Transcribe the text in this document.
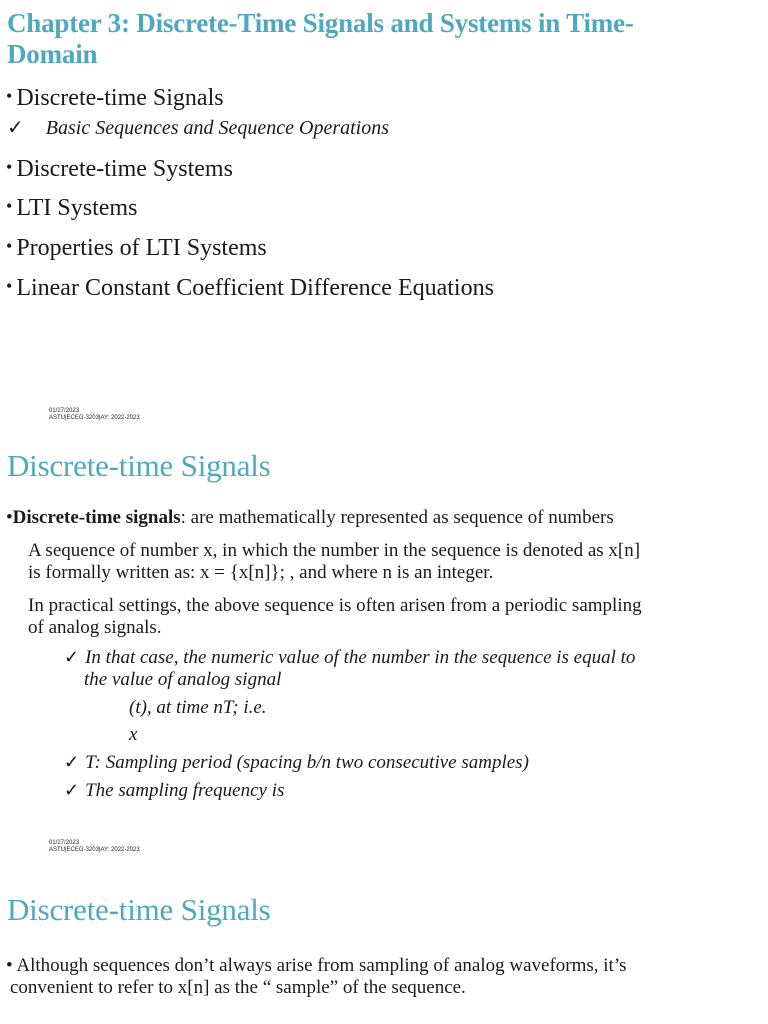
Chapter 3: Discrete-Time Signals and Systems in Time-
Domain
• Discrete-time Signals
✓ Basic Sequences and Sequence Operations
• Discrete-time Systems
• LTI Systems
• Properties of LTI Systems
• Linear Constant Coefficient Difference Equations
01/27/2023
ASTU|ECEG-3203|AY: 2022-2023
Discrete-time Signals
•Discrete-time signals: are mathematically represented as sequence of numbers
A sequence of number x, in which the number in the sequence is denoted as x[n]
is formally written as: x = {x[n]}; , and where n is an integer.
In practical settings, the above sequence is often arisen from a periodic sampling
of analog signals.
✓ In that case, the numeric value of the number in the sequence is equal to
the value of analog signal
(t), at time nT; i.e.
x
✓ T: Sampling period (spacing b/n two consecutive samples)
✓ The sampling frequency is
01/27/2023
ASTU|ECEG-3203|AY: 2022-2023
Discrete-time Signals
• Although sequences don’t always arise from sampling of analog waveforms, it’s
convenient to refer to x[n] as the “ sample” of the sequence.
